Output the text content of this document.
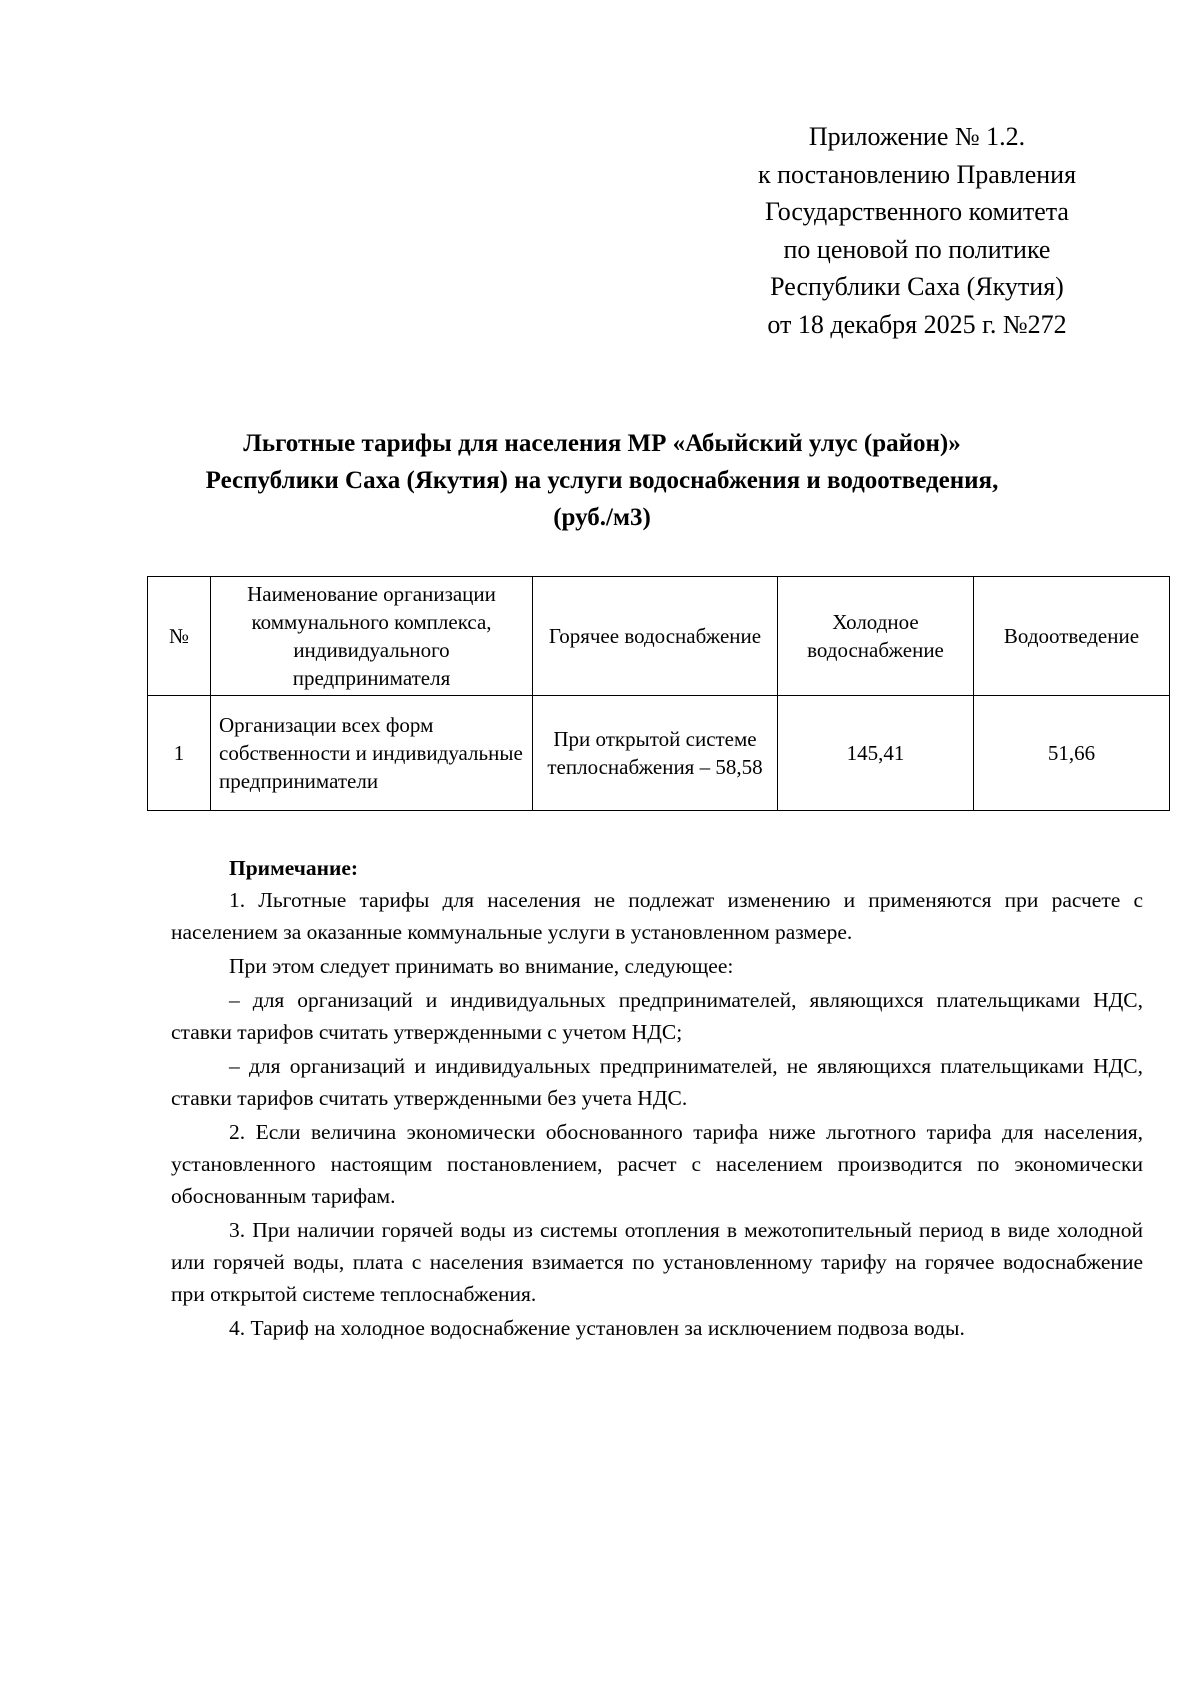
Приложение № 1.2.
к постановлению Правления
Государственного комитета
по ценовой по политике
Республики Саха (Якутия)
от 18 декабря 2025 г. №272
Льготные тарифы для населения МР «Абыйский улус (район)»
Республики Саха (Якутия) на услуги водоснабжения и водоотведения,
(руб./м3)
№	Наименование организации коммунального комплекса, индивидуального предпринимателя	Горячее водоснабжение	Холодное водоснабжение	Водоотведение
1	Организации всех форм собственности и индивидуальные предприниматели	При открытой системе теплоснабжения – 58,58	145,41	51,66

Примечание:

1. Льготные тарифы для населения не подлежат изменению и применяются при расчете с населением за оказанные коммунальные услуги в установленном размере.

При этом следует принимать во внимание, следующее:

– для организаций и индивидуальных предпринимателей, являющихся плательщиками НДС, ставки тарифов считать утвержденными с учетом НДС;

– для организаций и индивидуальных предпринимателей, не являющихся плательщиками НДС, ставки тарифов считать утвержденными без учета НДС.

2. Если величина экономически обоснованного тарифа ниже льготного тарифа для населения, установленного настоящим постановлением, расчет с населением производится по экономически обоснованным тарифам.

3. При наличии горячей воды из системы отопления в межотопительный период в виде холодной или горячей воды, плата с населения взимается по установленному тарифу на горячее водоснабжение при открытой системе теплоснабжения.

4. Тариф на холодное водоснабжение установлен за исключением подвоза воды.
